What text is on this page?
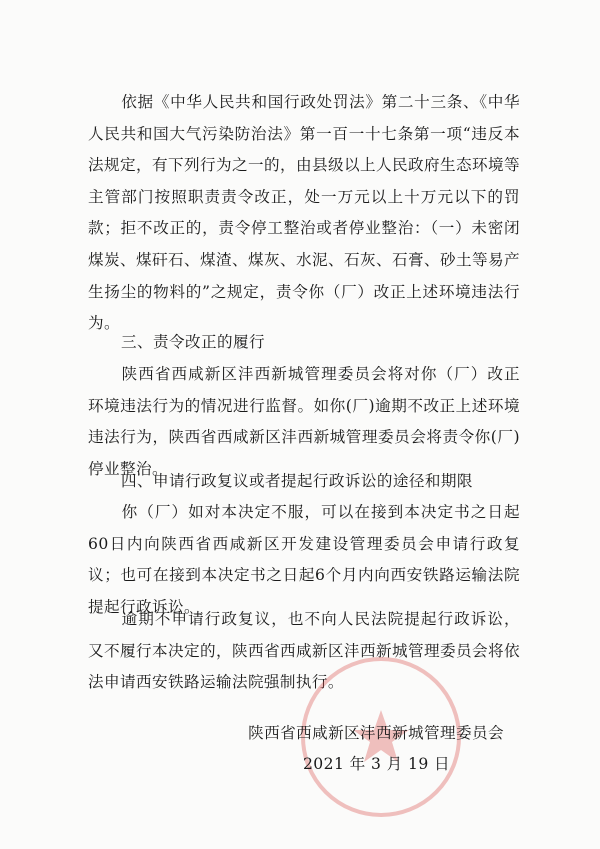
依据《中华人民共和国行政处罚法》第二十三条、《中华人民共和国大气污染防治法》第一百一十七条第一项“违反本法规定，有下列行为之一的，由县级以上人民政府生态环境等主管部门按照职责责令改正，处一万元以上十万元以下的罚款；拒不改正的，责令停工整治或者停业整治：（一）未密闭煤炭、煤矸石、煤渣、煤灰、水泥、石灰、石膏、砂土等易产生扬尘的物料的”之规定，责令你（厂）改正上述环境违法行为。

三、责令改正的履行

陕西省西咸新区沣西新城管理委员会将对你（厂）改正环境违法行为的情况进行监督。如你(厂)逾期不改正上述环境违法行为，陕西省西咸新区沣西新城管理委员会将责令你(厂)停业整治。

四、申请行政复议或者提起行政诉讼的途径和期限

你（厂）如对本决定不服，可以在接到本决定书之日起60日内向陕西省西咸新区开发建设管理委员会申请行政复议；也可在接到本决定书之日起6个月内向西安铁路运输法院提起行政诉讼。

逾期不申请行政复议，也不向人民法院提起行政诉讼，又不履行本决定的，陕西省西咸新区沣西新城管理委员会将依法申请西安铁路运输法院强制执行。

陕西省西咸新区沣西新城管理委员会
2021 年 3 月 19 日
